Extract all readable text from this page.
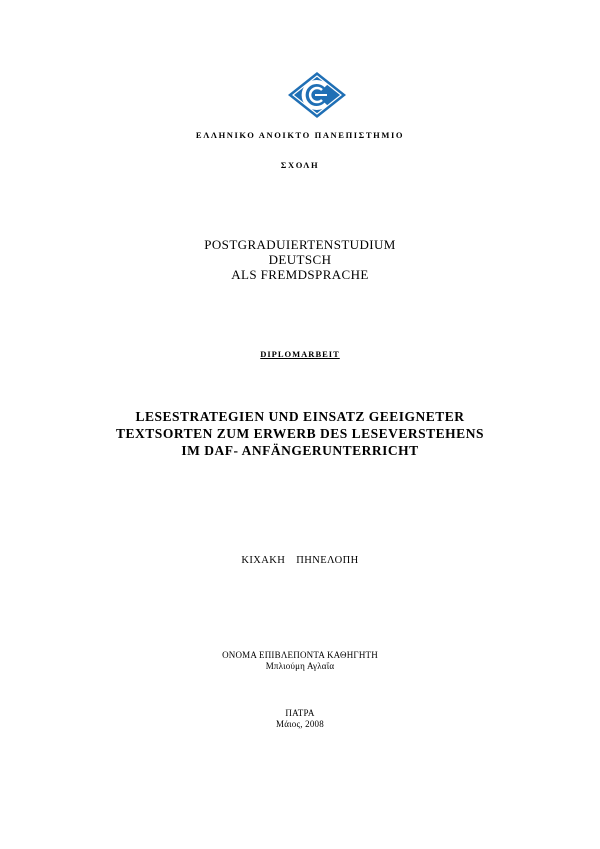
ΕΛΛΗΝΙΚΟ ΑΝΟΙΚΤΟ ΠΑΝΕΠΙΣΤΗΜΙΟ
ΣΧΟΛΗ
POSTGRADUIERTENSTUDIUM
DEUTSCH
ALS FREMDSPRACHE
DIPLOMARBEIT
LESESTRATEGIEN UND EINSATZ GEEIGNETER
TEXTSORTEN ZUM ERWERB DES LESEVERSTEHENS
IM DAF- ANFÄNGERUNTERRICHT
ΚΙΧΑΚΗ ΠΗΝΕΛΟΠΗ
ΟΝΟΜΑ ΕΠΙΒΛΕΠΟΝΤΑ ΚΑΘΗΓΗΤΗ
Μπλιούμη Αγλαΐα
ΠΑΤΡΑ
Μάιος, 2008
